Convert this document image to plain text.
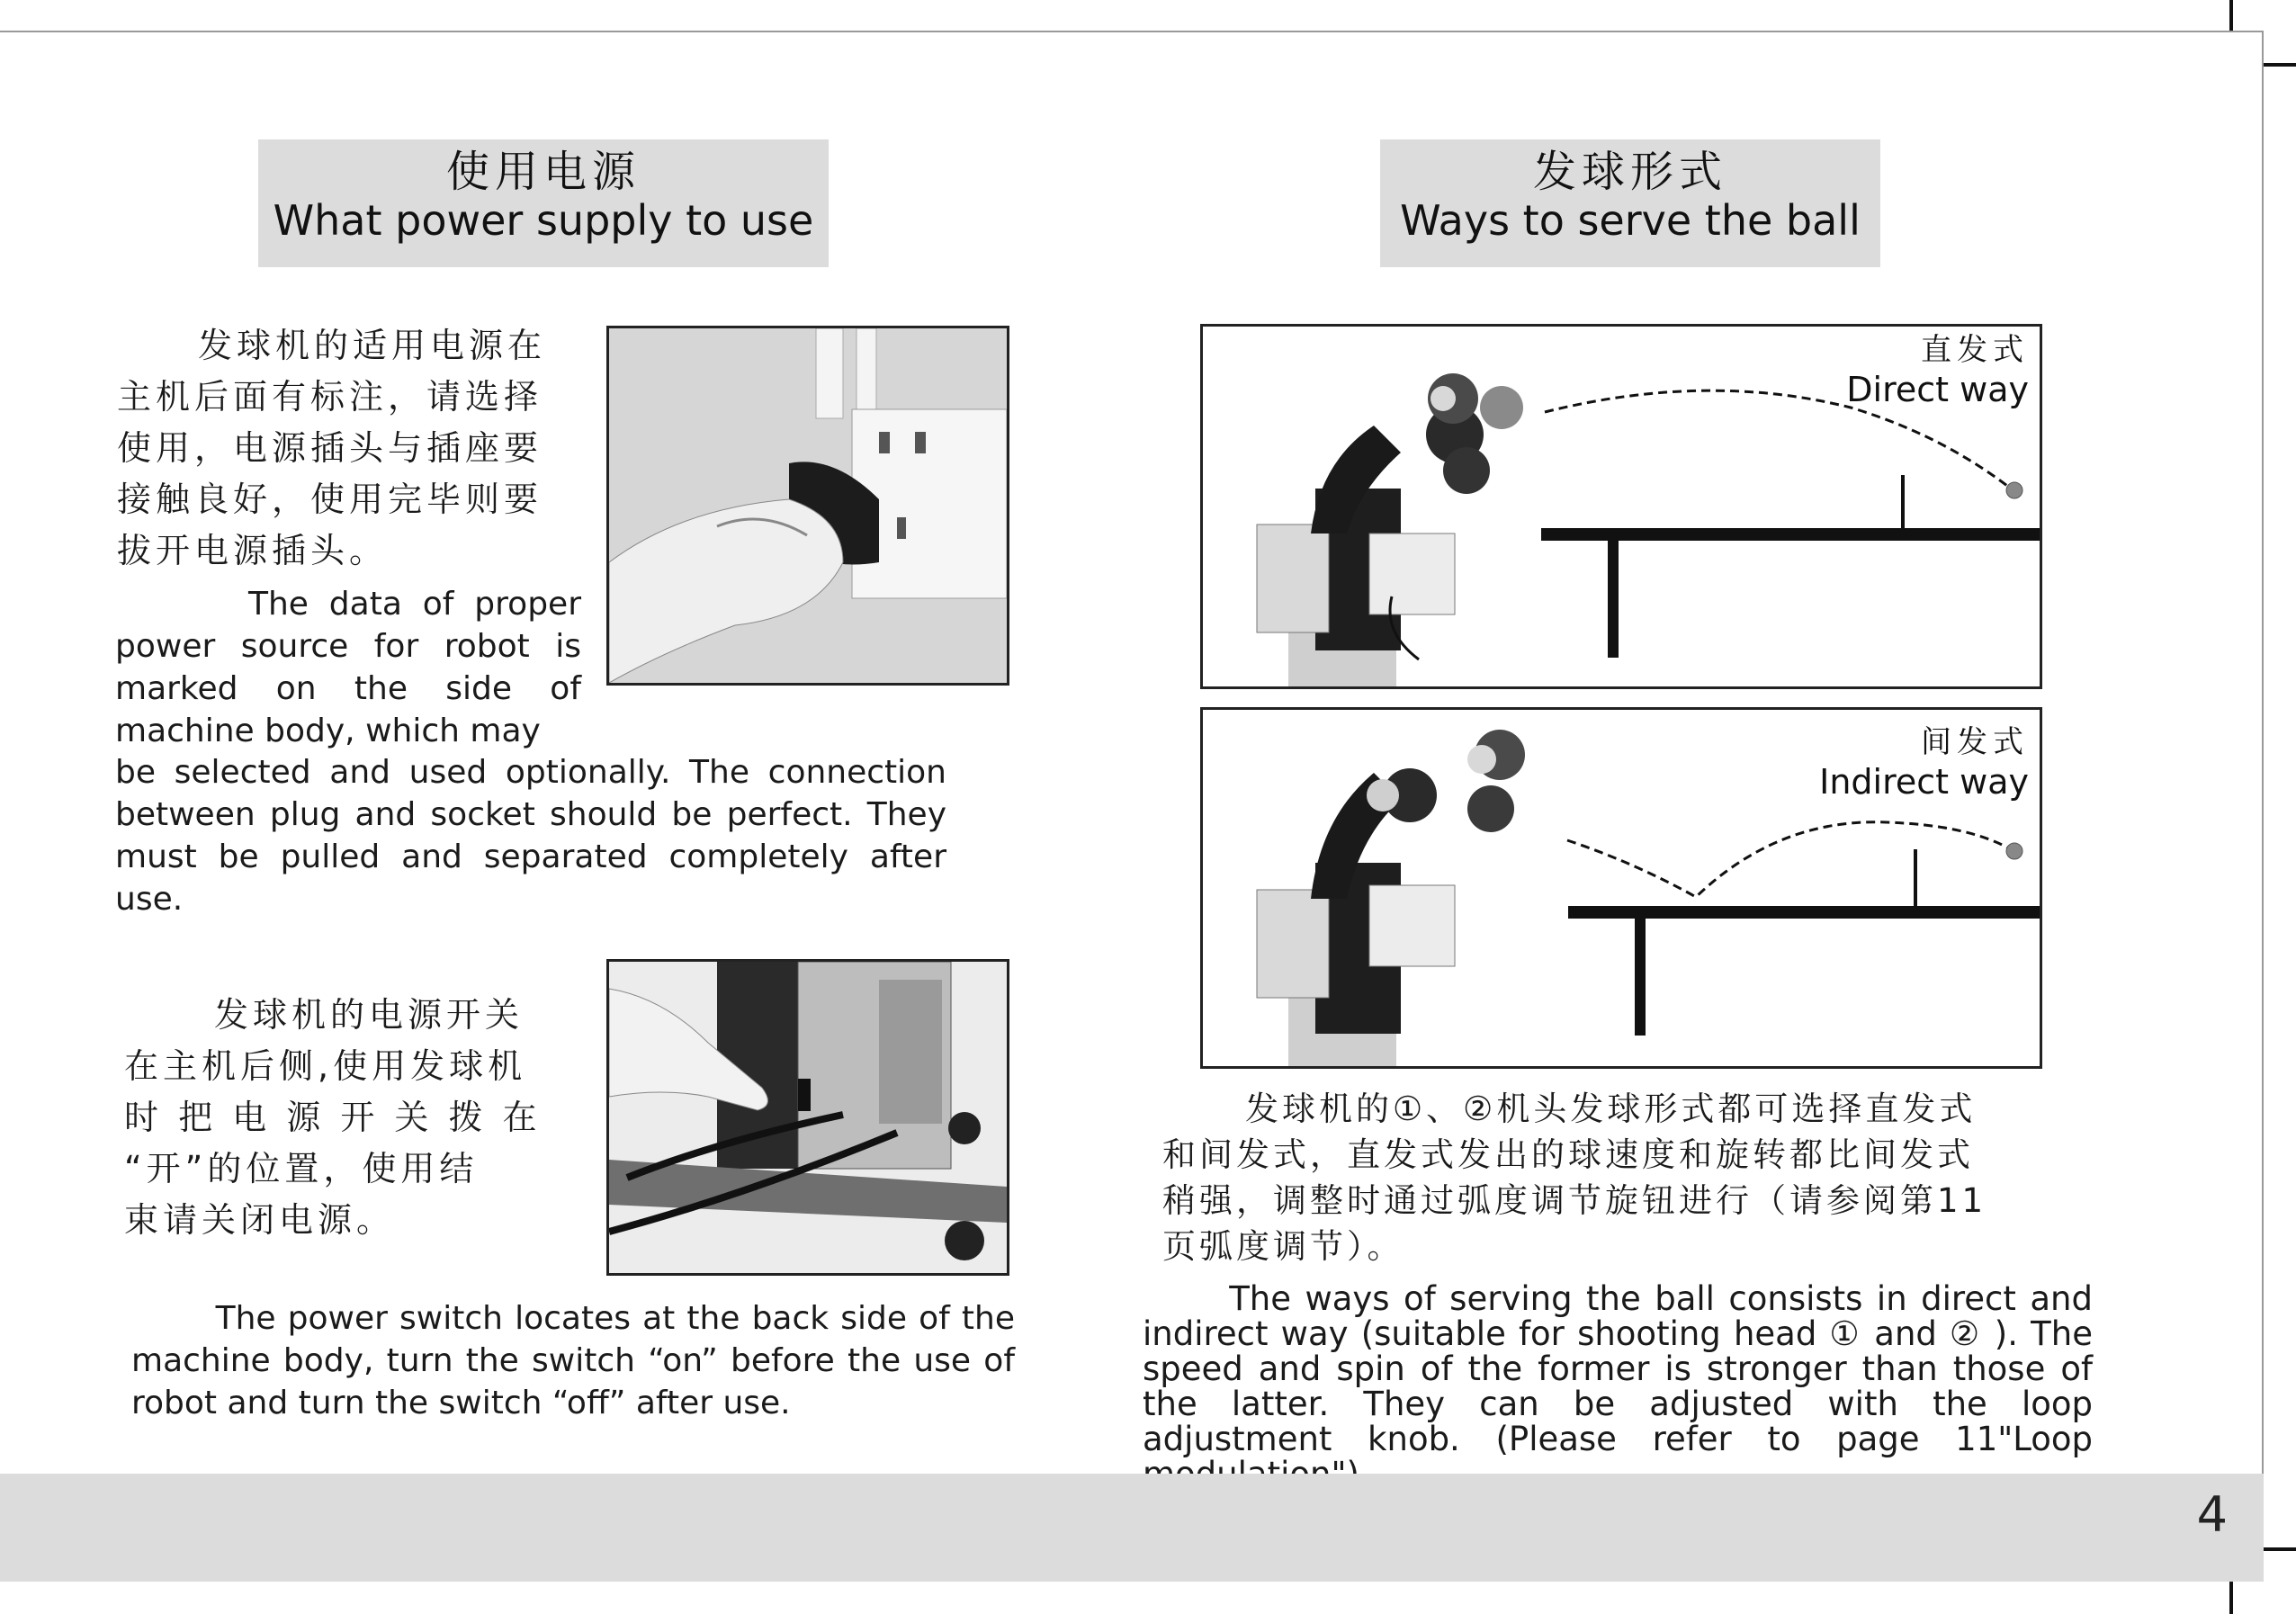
使用电源
What power supply to use
发球机的适用电源在
主机后面有标注，请选择
使用，电源插头与插座要
接触良好，使用完毕则要
拔开电源插头。
The data of proper power source for robot is marked on the side of machine body, which may
be selected and used optionally. The connection between plug and socket should be perfect. They must be pulled and separated completely after use.
发球机的电源开关
在主机后侧,使用发球机
时 把 电 源 开 关 拨 在
“开”的位置，使用结
束请关闭电源。
The power switch locates at the back side of the machine body, turn the switch “on” before the use of robot and turn the switch “off” after use.
发球形式
Ways to serve the ball
直发式
Direct way
间发式
Indirect way
发球机的①、②机头发球形式都可选择直发式
和间发式，直发式发出的球速度和旋转都比间发式
稍强，调整时通过弧度调节旋钮进行（请参阅第11
页弧度调节）。
The ways of serving the ball consists in direct and indirect way (suitable for shooting head ① and ② ). The speed and spin of the former is stronger than those of the latter. They can be adjusted with the loop adjustment knob. (Please refer to page 11"Loop
4
